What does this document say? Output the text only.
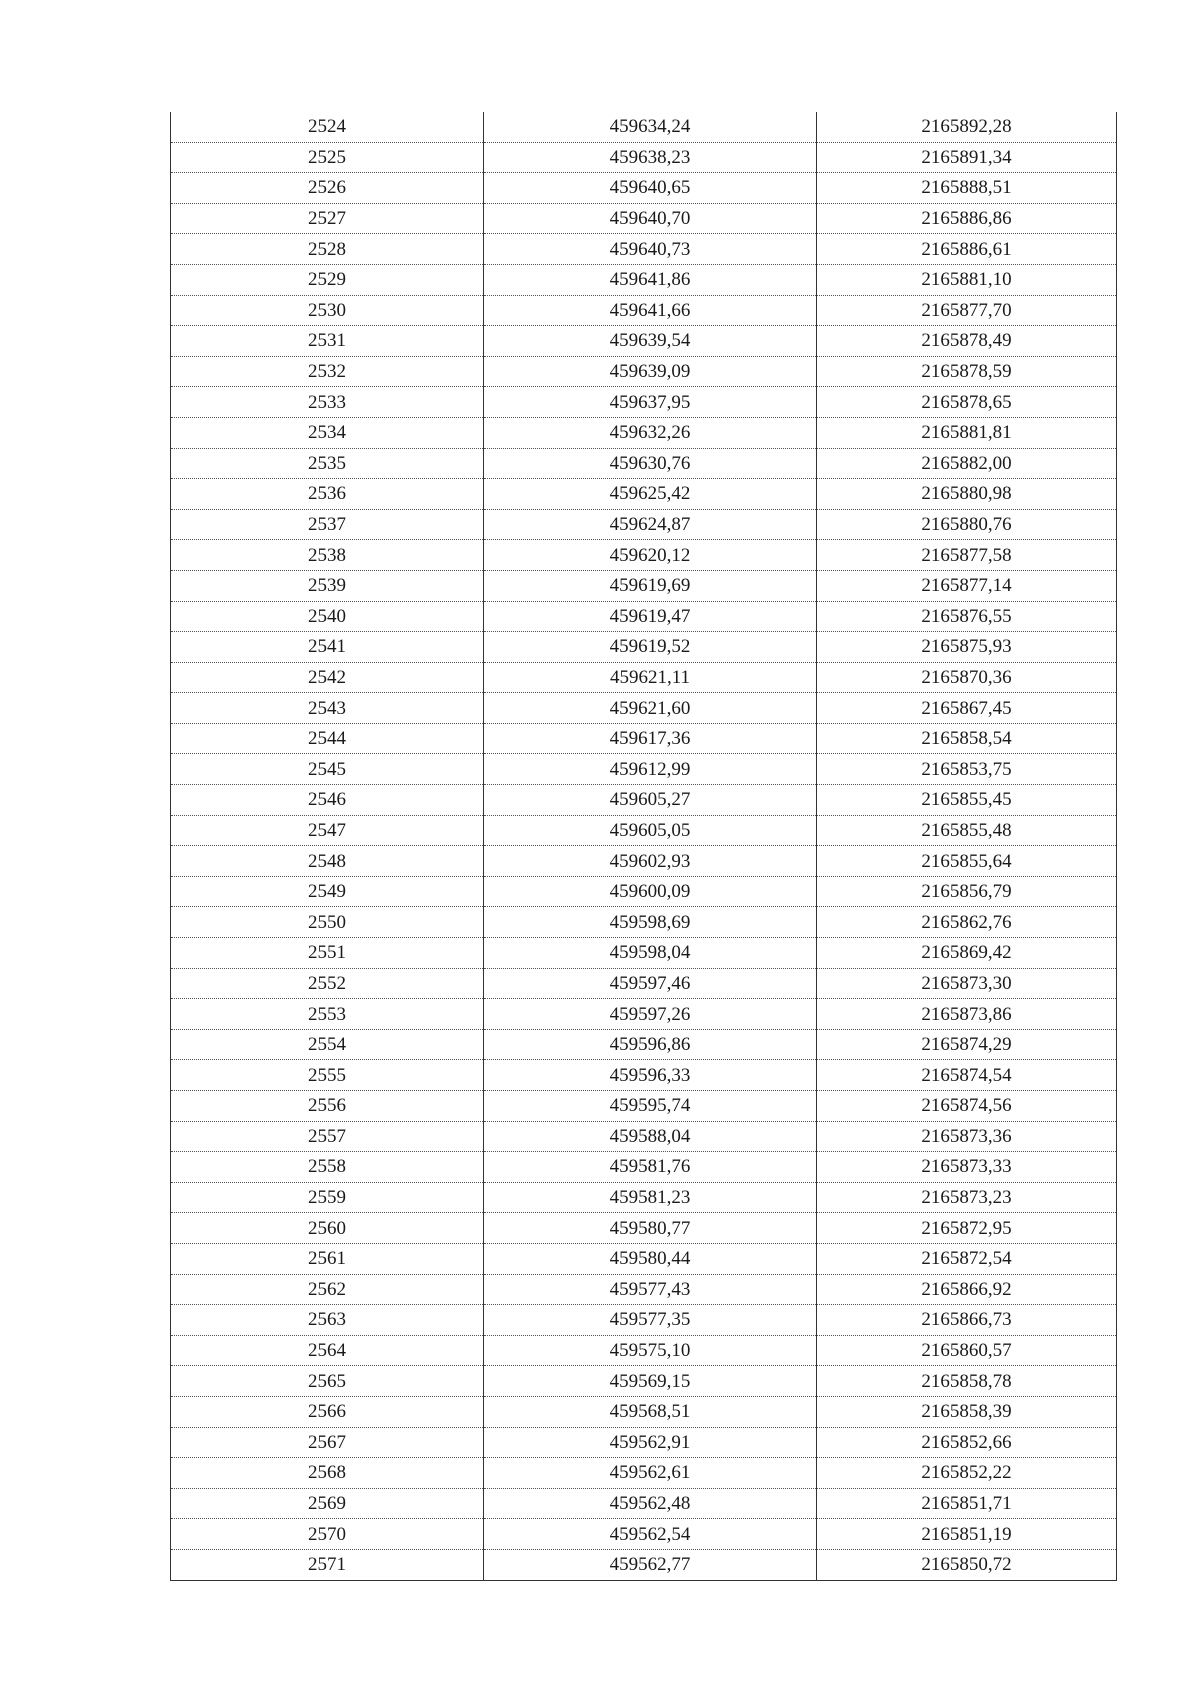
2524	459634,24	2165892,28
2525	459638,23	2165891,34
2526	459640,65	2165888,51
2527	459640,70	2165886,86
2528	459640,73	2165886,61
2529	459641,86	2165881,10
2530	459641,66	2165877,70
2531	459639,54	2165878,49
2532	459639,09	2165878,59
2533	459637,95	2165878,65
2534	459632,26	2165881,81
2535	459630,76	2165882,00
2536	459625,42	2165880,98
2537	459624,87	2165880,76
2538	459620,12	2165877,58
2539	459619,69	2165877,14
2540	459619,47	2165876,55
2541	459619,52	2165875,93
2542	459621,11	2165870,36
2543	459621,60	2165867,45
2544	459617,36	2165858,54
2545	459612,99	2165853,75
2546	459605,27	2165855,45
2547	459605,05	2165855,48
2548	459602,93	2165855,64
2549	459600,09	2165856,79
2550	459598,69	2165862,76
2551	459598,04	2165869,42
2552	459597,46	2165873,30
2553	459597,26	2165873,86
2554	459596,86	2165874,29
2555	459596,33	2165874,54
2556	459595,74	2165874,56
2557	459588,04	2165873,36
2558	459581,76	2165873,33
2559	459581,23	2165873,23
2560	459580,77	2165872,95
2561	459580,44	2165872,54
2562	459577,43	2165866,92
2563	459577,35	2165866,73
2564	459575,10	2165860,57
2565	459569,15	2165858,78
2566	459568,51	2165858,39
2567	459562,91	2165852,66
2568	459562,61	2165852,22
2569	459562,48	2165851,71
2570	459562,54	2165851,19
2571	459562,77	2165850,72
